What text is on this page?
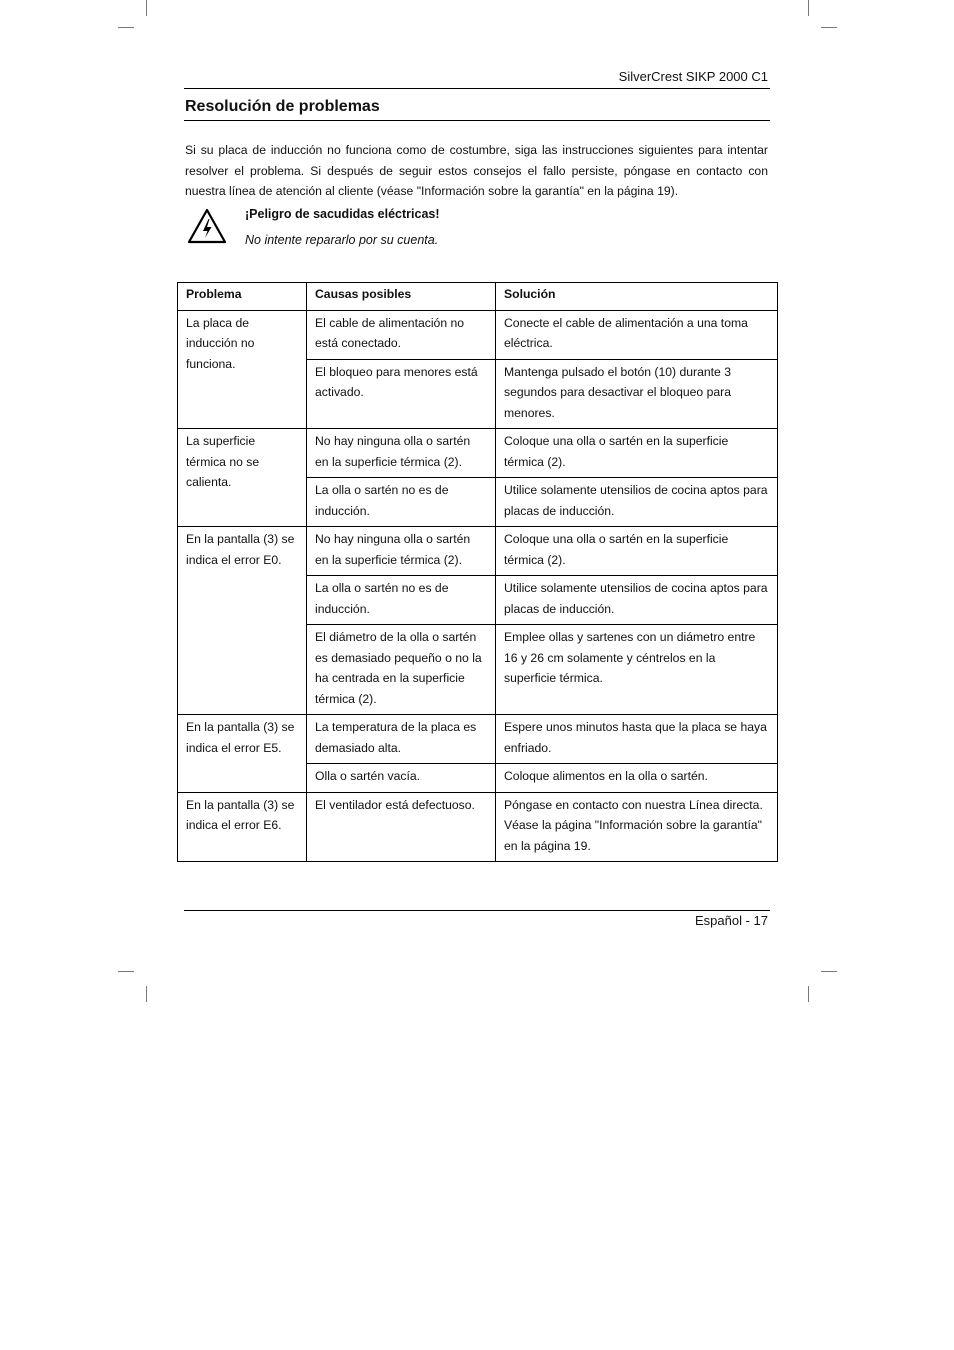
SilverCrest SIKP 2000 C1
Resolución de problemas
Si su placa de inducción no funciona como de costumbre, siga las instrucciones siguientes para intentar resolver el problema. Si después de seguir estos consejos el fallo persiste, póngase en contacto con nuestra línea de atención al cliente (véase "Información sobre la garantía" en la página 19).
¡Peligro de sacudidas eléctricas!
No intente repararlo por su cuenta.
Problema	Causas posibles	Solución
La placa de inducción no funciona.	El cable de alimentación no está conectado.	Conecte el cable de alimentación a una toma eléctrica.
	El bloqueo para menores está activado.	Mantenga pulsado el botón (10) durante 3 segundos para desactivar el bloqueo para menores.
La superficie térmica no se calienta.	No hay ninguna olla o sartén en la superficie térmica (2).	Coloque una olla o sartén en la superficie térmica (2).
	La olla o sartén no es de inducción.	Utilice solamente utensilios de cocina aptos para placas de inducción.
En la pantalla (3) se indica el error E0.	No hay ninguna olla o sartén en la superficie térmica (2).	Coloque una olla o sartén en la superficie térmica (2).
	La olla o sartén no es de inducción.	Utilice solamente utensilios de cocina aptos para placas de inducción.
	El diámetro de la olla o sartén es demasiado pequeño o no la ha centrada en la superficie térmica (2).	Emplee ollas y sartenes con un diámetro entre 16 y 26 cm solamente y céntrelos en la superficie térmica.
En la pantalla (3) se indica el error E5.	La temperatura de la placa es demasiado alta.	Espere unos minutos hasta que la placa se haya enfriado.
	Olla o sartén vacía.	Coloque alimentos en la olla o sartén.
En la pantalla (3) se indica el error E6.	El ventilador está defectuoso.	Póngase en contacto con nuestra Línea directa. Véase la página "Información sobre la garantía" en la página 19.
Español - 17
